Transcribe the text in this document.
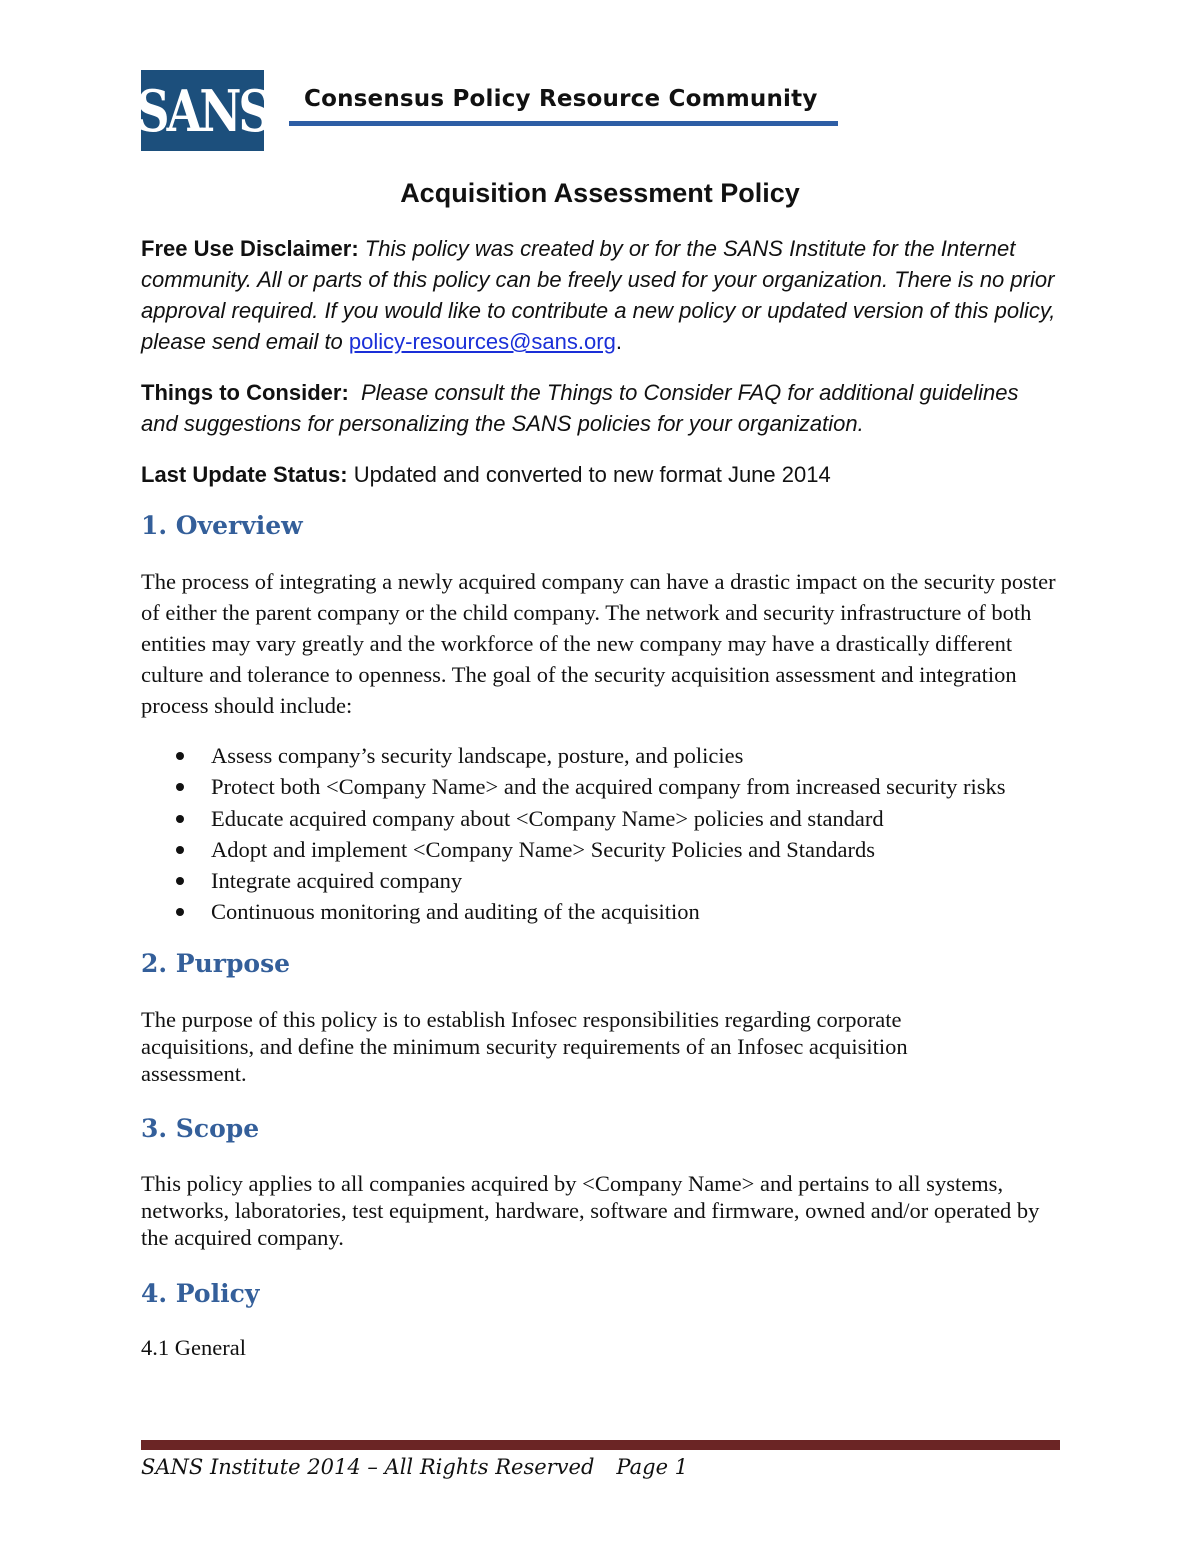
SANS Consensus Policy Resource Community
Acquisition Assessment Policy
Free Use Disclaimer: This policy was created by or for the SANS Institute for the Internet community. All or parts of this policy can be freely used for your organization. There is no prior approval required. If you would like to contribute a new policy or updated version of this policy, please send email to policy-resources@sans.org.
Things to Consider: Please consult the Things to Consider FAQ for additional guidelines and suggestions for personalizing the SANS policies for your organization.
Last Update Status: Updated and converted to new format June 2014
1. Overview
The process of integrating a newly acquired company can have a drastic impact on the security poster of either the parent company or the child company. The network and security infrastructure of both entities may vary greatly and the workforce of the new company may have a drastically different culture and tolerance to openness. The goal of the security acquisition assessment and integration process should include:
Assess company’s security landscape, posture, and policies
Protect both <Company Name> and the acquired company from increased security risks
Educate acquired company about <Company Name> policies and standard
Adopt and implement <Company Name> Security Policies and Standards
Integrate acquired company
Continuous monitoring and auditing of the acquisition
2. Purpose
The purpose of this policy is to establish Infosec responsibilities regarding corporate acquisitions, and define the minimum security requirements of an Infosec acquisition assessment.
3. Scope
This policy applies to all companies acquired by <Company Name> and pertains to all systems, networks, laboratories, test equipment, hardware, software and firmware, owned and/or operated by the acquired company.
4. Policy
4.1 General
SANS Institute 2014 – All Rights Reserved Page 1
